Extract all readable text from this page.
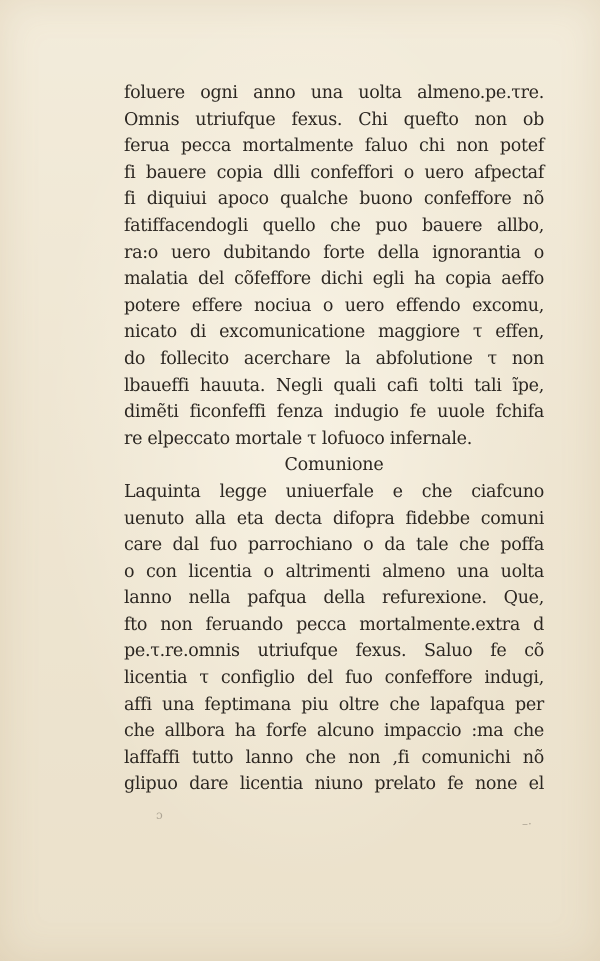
foluere ogni anno una uolta almeno.pe.τre.
Omnis utriufque fexus. Chi quefto non ob
ferua pecca mortalmente faluo chi non potef
fi bauere copia dlli confeffori o uero afpectaf
fi diquiui apoco qualche buono confeffore nõ
fatiffacendogli quello che puo bauere allbo,
ra:o uero dubitando forte della ignorantia o
malatia del cõfeffore dichi egli ha copia aeffo
potere effere nociua o uero effendo excomu,
nicato di excomunicatione maggiore τ effen,
do follecito acerchare la abfolutione τ non
lbaueffi hauuta. Negli quali cafi tolti tali ĩpe,
dimẽti ficonfeffi fenza indugio fe uuole fchifa
re elpeccato mortale τ lofuoco infernale.
Comunione
Laquinta legge uniuerfale e che ciafcuno
uenuto alla eta decta difopra fidebbe comuni
care dal fuo parrochiano o da tale che poffa
o con licentia o altrimenti almeno una uolta
lanno nella pafqua della refurexione. Que,
fto non feruando pecca mortalmente.extra d
pe.τ.re.omnis utriufque fexus. Saluo fe cõ
licentia τ configlio del fuo confeffore indugi,
affi una feptimana piu oltre che lapafqua per
che allbora ha forfe alcuno impaccio :ma che
laffaffi tutto lanno che non ,fi comunichi nõ
glipuo dare licentia niuno prelato fe none el
ɔ
–·
